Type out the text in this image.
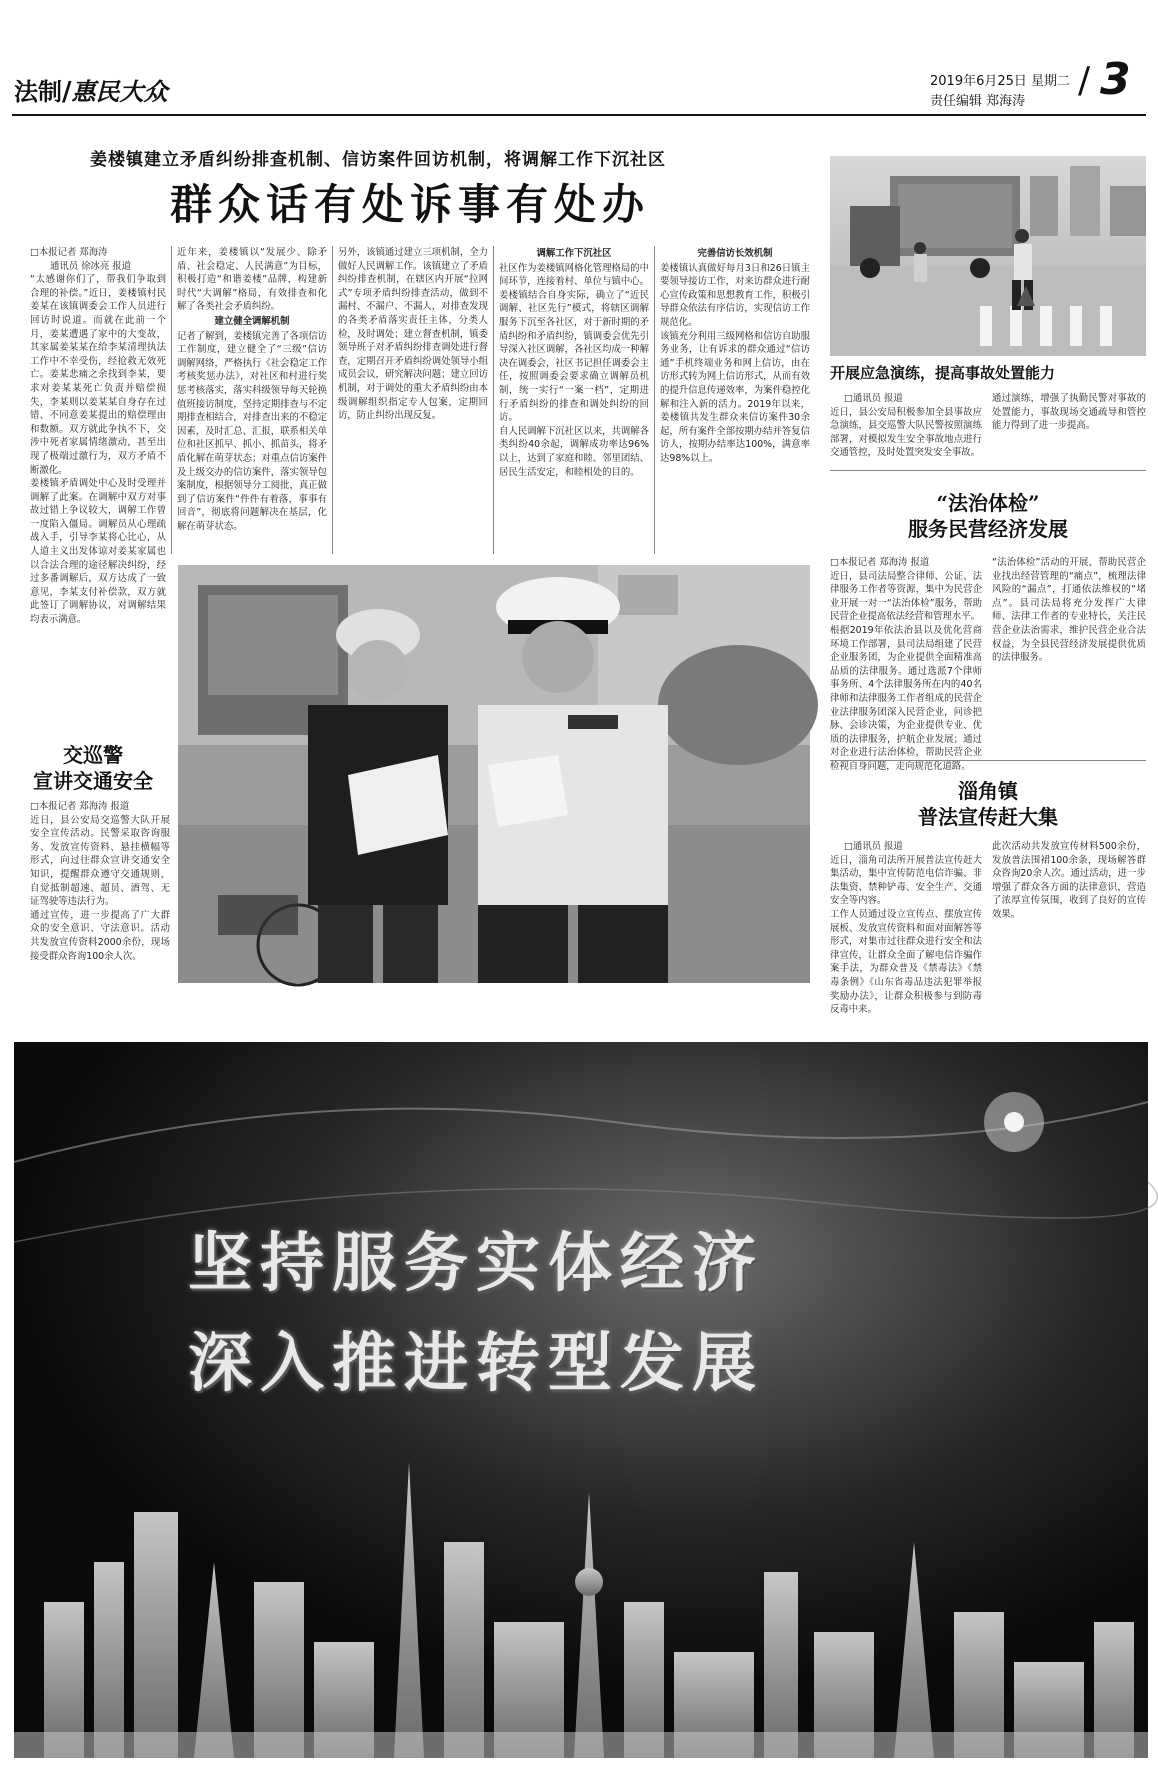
法制/惠民大众	2019年6月25日 星期二
责任编辑 郑海涛
/ 3
姜楼镇建立矛盾纠纷排查机制、信访案件回访机制，将调解工作下沉社区
群众话有处诉事有处办
□本报记者 郑海涛
通讯员 徐冰亮 报道
“太感谢你们了，帮我们争取到合理的补偿。”近日，姜楼镇村民姜某在该镇调委会工作人员进行回访时说道。而就在此前一个月，姜某遭遇了家中的大变故，其家属姜某某在给李某清理执法工作中不幸受伤，经抢救无效死亡。姜某悲痛之余找到李某，要求对姜某某死亡负责并赔偿损失，李某则以姜某某自身存在过错、不同意姜某提出的赔偿理由和数额。双方就此争执不下，交涉中死者家属情绪激动，甚至出现了极端过激行为，双方矛盾不断激化。
姜楼镇矛盾调处中心及时受理并调解了此案。在调解中双方对事故过错上争议较大，调解工作曾一度陷入僵局。调解员从心理疏战入手，引导李某将心比心，从人道主义出发体谅对姜某家属也以合法合理的途径解决纠纷，经过多番调解后，双方达成了一致意见，李某支付补偿款，双方就此签订了调解协议，对调解结果均表示满意。
近年来，姜楼镇以“发展少、除矛盾、社会稳定、人民满意”为目标，积极打造“和谐姜楼”品牌，构建新时代“大调解”格局，有效排查和化解了各类社会矛盾纠纷。
建立健全调解机制
记者了解到，姜楼镇完善了各项信访工作制度，建立健全了“三级”信访调解网络，严格执行《社会稳定工作考核奖惩办法》，对社区和村进行奖惩考核落实，落实科级领导每天轮换值班接访制度，坚持定期排查与不定期排查相结合，对排查出来的不稳定因素，及时汇总、汇报，联系相关单位和社区抓早、抓小、抓苗头，将矛盾化解在萌芽状态；对重点信访案件及上级交办的信访案件，落实领导包案制度，根据领导分工阅批，真正做到了信访案件“件件有着落，事事有回音”，彻底将问题解决在基层，化解在萌芽状态。
另外，该镇通过建立三项机制，全力做好人民调解工作。该镇建立了矛盾纠纷排查机制，在辖区内开展“拉网式”专项矛盾纠纷排查活动，做到不漏村、不漏户、不漏人，对排查发现的各类矛盾落实责任主体，分类人检，及时调处；建立督查机制，镇委领导班子对矛盾纠纷排查调处进行督查，定期召开矛盾纠纷调处领导小组成员会议，研究解决问题；建立回访机制，对于调处的重大矛盾纠纷由本级调解组织指定专人包案，定期回访，防止纠纷出现反复。
调解工作下沉社区
社区作为姜楼镇网格化管理格局的中间环节，连接着村、单位与镇中心。姜楼镇结合自身实际，确立了“近民调解、社区先行”模式，将辖区调解服务下沉至各社区，对于新时期的矛盾纠纷和矛盾纠纷，镇调委会优先引导深入社区调解，各社区均成一种解决在调委会，社区书记担任调委会主任，按照调委会要求确立调解员机制，统一实行“一案一档”，定期进行矛盾纠纷的排查和调处纠纷的回访。
自人民调解下沉社区以来，共调解各类纠纷40余起，调解成功率达96%以上，达到了家庭和睦、邻里团结、居民生活安定，和睦相处的目的。
完善信访长效机制
姜楼镇认真做好每月3日和26日镇主要领导接访工作，对来访群众进行耐心宣传政策和思想教育工作，积极引导群众依法有序信访，实现信访工作规范化。
该镇充分利用三级网格和信访自助服务业务，让有诉求的群众通过“信访通”手机终端业务和网上信访，由在访形式转为网上信访形式，从而有效的提升信息传递效率，为案件稳控化解和注入新的活力。2019年以来，姜楼镇共发生群众来信访案件30余起，所有案件全部按期办结并答复信访人，按期办结率达100%，满意率达98%以上。
开展应急演练，提高事故处置能力
□通讯员 报道
近日，县公安局积极参加全县事故应急演练，县交巡警大队民警按照演练部署，对模拟发生安全事故地点进行交通管控，及时处置突发安全事故。
通过演练，增强了执勤民警对事故的处置能力，事故现场交通疏导和管控能力得到了进一步提高。
“法治体检”
服务民营经济发展
□本报记者 郑海涛 报道
近日，县司法局整合律师、公证、法律服务工作者等资源，集中为民营企业开展一对一“法治体检”服务，帮助民营企业提高依法经营和管理水平。
根据2019年依法治县以及优化营商环境工作部署，县司法局组建了民营企业服务团，为企业提供全面精准高品质的法律服务。通过选派7个律师事务所、4个法律服务所在内的40名律师和法律服务工作者组成的民营企业法律服务团深入民营企业，问诊把脉、会诊决策，为企业提供专业、优质的法律服务，护航企业发展；通过对企业进行法治体检，帮助民营企业检视自身问题，走向规范化道路。
“法治体检”活动的开展，帮助民营企业找出经营管理的“痛点”，梳理法律风险的“漏点”，打通依法维权的“堵点”。县司法局将充分发挥广大律师、法律工作者的专业特长，关注民营企业法治需求，维护民营企业合法权益，为全县民营经济发展提供优质的法律服务。
交巡警
宣讲交通安全
□本报记者 郑海涛 报道
近日，县公安局交巡警大队开展安全宣传活动。民警采取咨询服务、发放宣传资料、悬挂横幅等形式，向过往群众宣讲交通安全知识，提醒群众遵守交通规则，自觉抵制超速、超员、酒驾、无证驾驶等违法行为。
通过宣传，进一步提高了广大群众的安全意识、守法意识。活动共发放宣传资料2000余份，现场接受群众咨询100余人次。
淄角镇
普法宣传赶大集
□通讯员 报道
近日，淄角司法所开展普法宣传赶大集活动，集中宣传防范电信诈骗、非法集资、禁种铲毒、安全生产、交通安全等内容。
工作人员通过设立宣传点、摆放宣传展板、发放宣传资料和面对面解答等形式，对集市过往群众进行安全和法律宣传，让群众全面了解电信诈骗作案手法，为群众普及《禁毒法》《禁毒条例》《山东省毒品违法犯罪举报奖励办法》，让群众积极参与到防毒反毒中来。
此次活动共发放宣传材料500余份，发放普法围裙100余条，现场解答群众咨询20余人次。通过活动，进一步增强了群众各方面的法律意识，营造了浓厚宣传氛围，收到了良好的宣传效果。
坚持服务实体经济
深入推进转型发展
